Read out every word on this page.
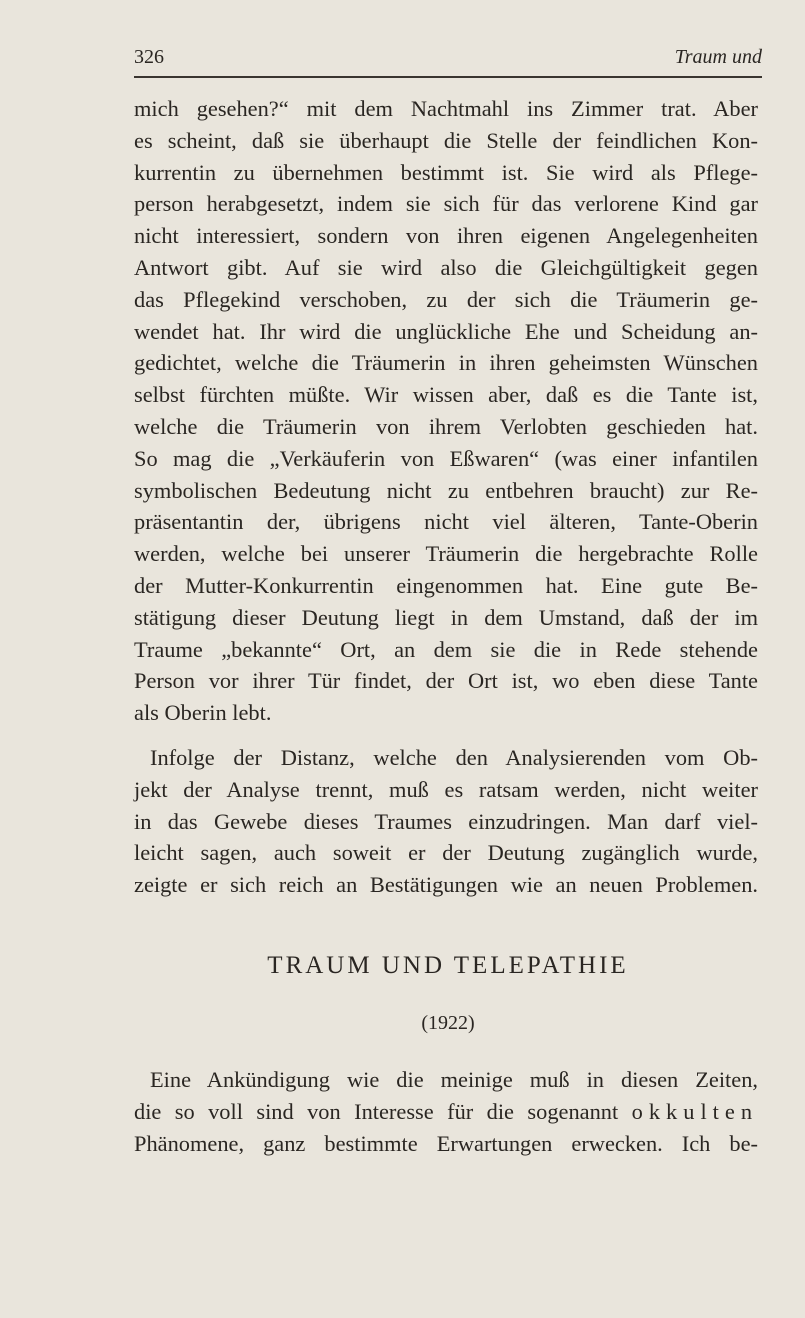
326	Traum und
mich gesehen?“ mit dem Nachtmahl ins Zimmer trat. Aber
es scheint, daß sie überhaupt die Stelle der feindlichen Kon-
kurrentin zu übernehmen bestimmt ist. Sie wird als Pflege-
person herabgesetzt, indem sie sich für das verlorene Kind gar
nicht interessiert, sondern von ihren eigenen Angelegenheiten
Antwort gibt. Auf sie wird also die Gleichgültigkeit gegen
das Pflegekind verschoben, zu der sich die Träumerin ge-
wendet hat. Ihr wird die unglückliche Ehe und Scheidung an-
gedichtet, welche die Träumerin in ihren geheimsten Wünschen
selbst fürchten müßte. Wir wissen aber, daß es die Tante ist,
welche die Träumerin von ihrem Verlobten geschieden hat.
So mag die „Verkäuferin von Eßwaren“ (was einer infantilen
symbolischen Bedeutung nicht zu entbehren braucht) zur Re-
präsentantin der, übrigens nicht viel älteren, Tante-Oberin
werden, welche bei unserer Träumerin die hergebrachte Rolle
der Mutter-Konkurrentin eingenommen hat. Eine gute Be-
stätigung dieser Deutung liegt in dem Umstand, daß der im
Traume „bekannte“ Ort, an dem sie die in Rede stehende
Person vor ihrer Tür findet, der Ort ist, wo eben diese Tante
als Oberin lebt.
Infolge der Distanz, welche den Analysierenden vom Ob-
jekt der Analyse trennt, muß es ratsam werden, nicht weiter
in das Gewebe dieses Traumes einzudringen. Man darf viel-
leicht sagen, auch soweit er der Deutung zugänglich wurde,
zeigte er sich reich an Bestätigungen wie an neuen Problemen.
TRAUM UND TELEPATHIE
(1922)
Eine Ankündigung wie die meinige muß in diesen Zeiten,
die so voll sind von Interesse für die sogenannt okkulten
Phänomene, ganz bestimmte Erwartungen erwecken. Ich be-
